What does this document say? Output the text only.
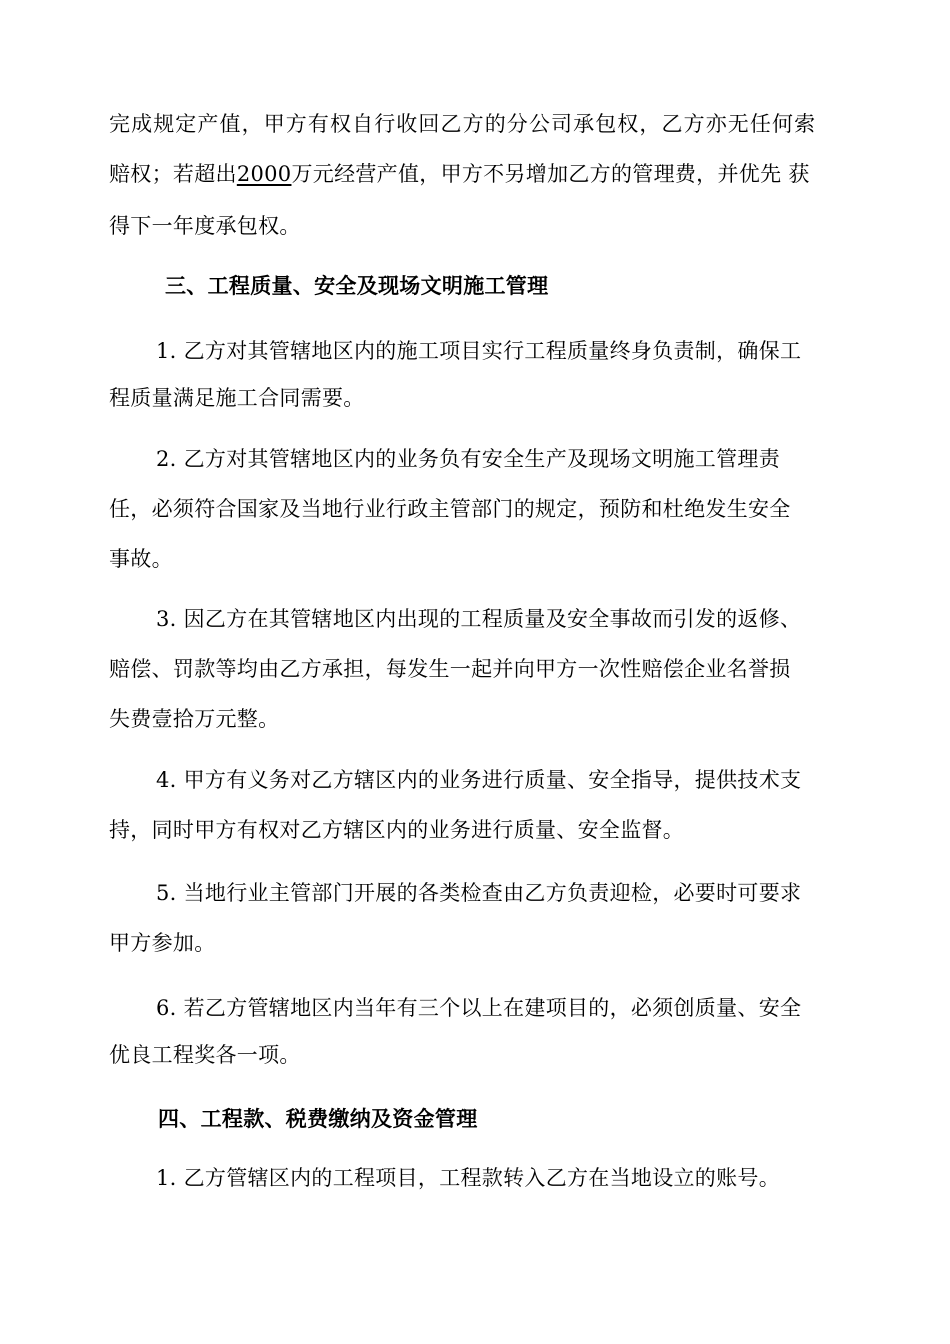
完成规定产值，甲方有权自行收回乙方的分公司承包权，乙方亦无任何索
赔权；若超出2000万元经营产值，甲方不另增加乙方的管理费，并优先 获
得下一年度承包权。
三、工程质量、安全及现场文明施工管理
1. 乙方对其管辖地区内的施工项目实行工程质量终身负责制，确保工
程质量满足施工合同需要。
2. 乙方对其管辖地区内的业务负有安全生产及现场文明施工管理责
任，必须符合国家及当地行业行政主管部门的规定，预防和杜绝发生安全
事故。
3. 因乙方在其管辖地区内出现的工程质量及安全事故而引发的返修、
赔偿、罚款等均由乙方承担，每发生一起并向甲方一次性赔偿企业名誉损
失费壹拾万元整。
4. 甲方有义务对乙方辖区内的业务进行质量、安全指导，提供技术支
持，同时甲方有权对乙方辖区内的业务进行质量、安全监督。
5. 当地行业主管部门开展的各类检查由乙方负责迎检，必要时可要求
甲方参加。
6. 若乙方管辖地区内当年有三个以上在建项目的，必须创质量、安全
优良工程奖各一项。
四、工程款、税费缴纳及资金管理
1. 乙方管辖区内的工程项目，工程款转入乙方在当地设立的账号。
